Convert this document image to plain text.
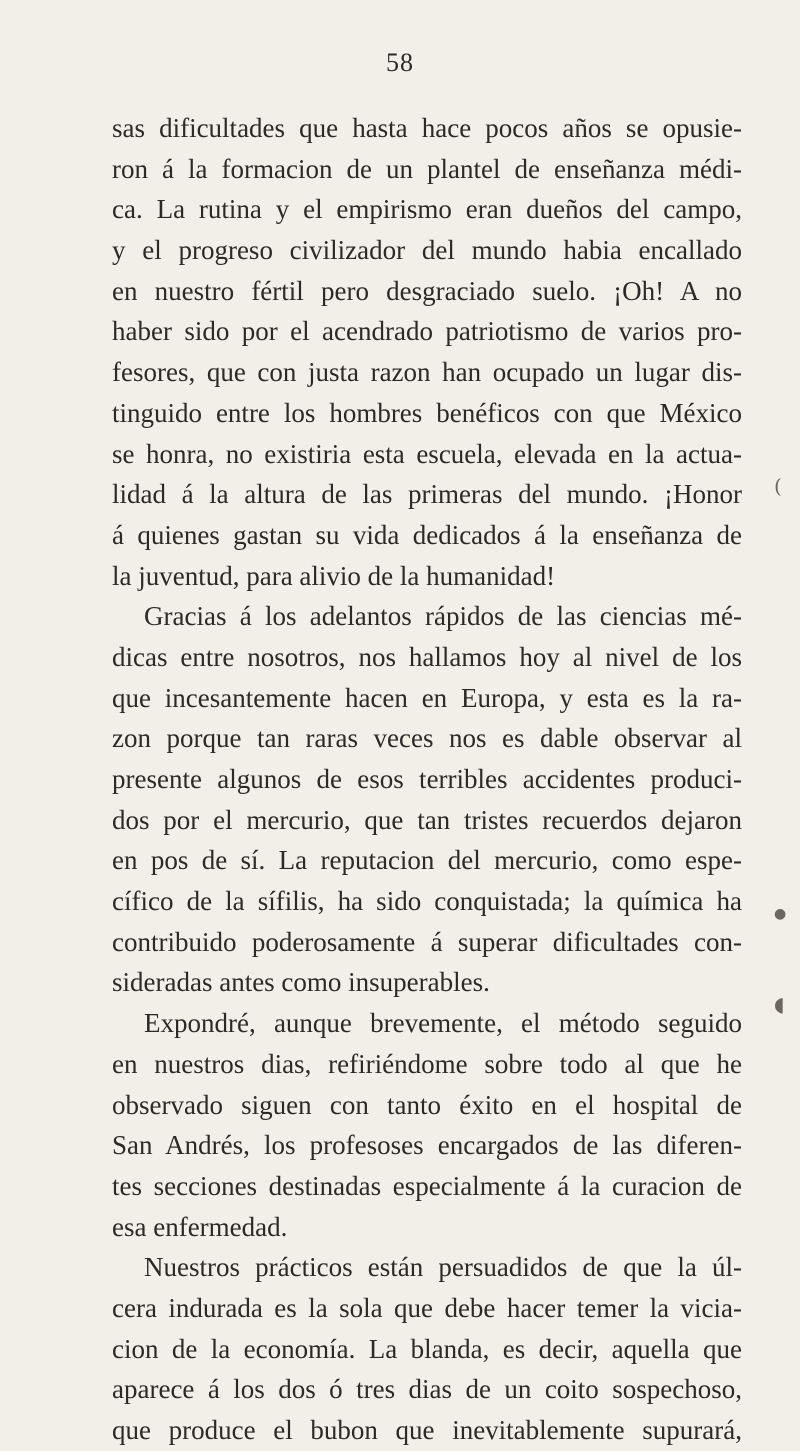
58
sas dificultades que hasta hace pocos años se opusie-
ron á la formacion de un plantel de enseñanza médi-
ca. La rutina y el empirismo eran dueños del campo,
y el progreso civilizador del mundo habia encallado
en nuestro fértil pero desgraciado suelo. ¡Oh! A no
haber sido por el acendrado patriotismo de varios pro-
fesores, que con justa razon han ocupado un lugar dis-
tinguido entre los hombres benéficos con que México
se honra, no existiria esta escuela, elevada en la actua-
lidad á la altura de las primeras del mundo. ¡Honor
á quienes gastan su vida dedicados á la enseñanza de
la juventud, para alivio de la humanidad!
Gracias á los adelantos rápidos de las ciencias mé-
dicas entre nosotros, nos hallamos hoy al nivel de los
que incesantemente hacen en Europa, y esta es la ra-
zon porque tan raras veces nos es dable observar al
presente algunos de esos terribles accidentes produci-
dos por el mercurio, que tan tristes recuerdos dejaron
en pos de sí. La reputacion del mercurio, como espe-
cífico de la sífilis, ha sido conquistada; la química ha
contribuido poderosamente á superar dificultades con-
sideradas antes como insuperables.
Expondré, aunque brevemente, el método seguido
en nuestros dias, refiriéndome sobre todo al que he
observado siguen con tanto éxito en el hospital de
San Andrés, los profesoses encargados de las diferen-
tes secciones destinadas especialmente á la curacion de
esa enfermedad.
Nuestros prácticos están persuadidos de que la úl-
cera indurada es la sola que debe hacer temer la vicia-
cion de la economía. La blanda, es decir, aquella que
aparece á los dos ó tres dias de un coito sospechoso,
que produce el bubon que inevitablemente supurará,
(
●
◖
